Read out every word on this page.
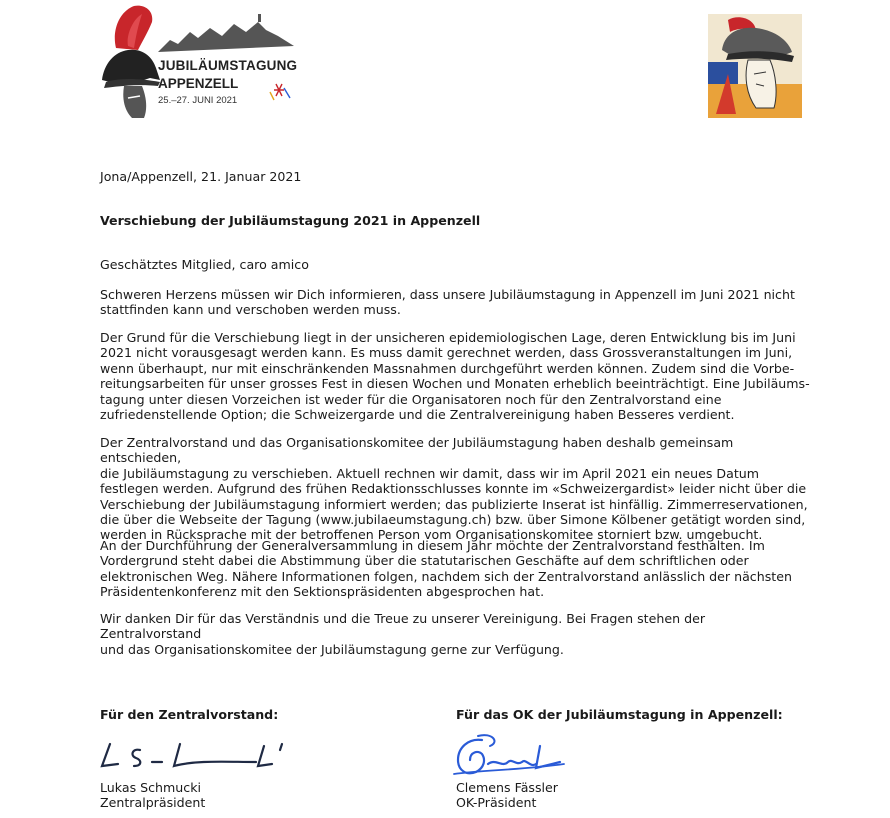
JUBILÄUMSTAGUNG
APPENZELL
25.–27. JUNI 2021
Jona/Appenzell, 21. Januar 2021
Verschiebung der Jubiläumstagung 2021 in Appenzell
Geschätztes Mitglied, caro amico
Schweren Herzens müssen wir Dich informieren, dass unsere Jubiläumstagung in Appenzell im Juni 2021 nicht
stattfinden kann und verschoben werden muss.
Der Grund für die Verschiebung liegt in der unsicheren epidemiologischen Lage, deren Entwicklung bis im Juni
2021 nicht vorausgesagt werden kann. Es muss damit gerechnet werden, dass Grossveranstaltungen im Juni,
wenn überhaupt, nur mit einschränkenden Massnahmen durchgeführt werden können. Zudem sind die Vorbe-
reitungsarbeiten für unser grosses Fest in diesen Wochen und Monaten erheblich beeinträchtigt. Eine Jubiläums-
tagung unter diesen Vorzeichen ist weder für die Organisatoren noch für den Zentralvorstand eine
zufriedenstellende Option; die Schweizergarde und die Zentralvereinigung haben Besseres verdient.
Der Zentralvorstand und das Organisationskomitee der Jubiläumstagung haben deshalb gemeinsam entschieden,
die Jubiläumstagung zu verschieben. Aktuell rechnen wir damit, dass wir im April 2021 ein neues Datum
festlegen werden. Aufgrund des frühen Redaktionsschlusses konnte im «Schweizergardist» leider nicht über die
Verschiebung der Jubiläumstagung informiert werden; das publizierte Inserat ist hinfällig. Zimmerreservationen,
die über die Webseite der Tagung (www.jubilaeumstagung.ch) bzw. über Simone Kölbener getätigt worden sind,
werden in Rücksprache mit der betroffenen Person vom Organisationskomitee storniert bzw. umgebucht.
An der Durchführung der Generalversammlung in diesem Jahr möchte der Zentralvorstand festhalten. Im
Vordergrund steht dabei die Abstimmung über die statutarischen Geschäfte auf dem schriftlichen oder
elektronischen Weg. Nähere Informationen folgen, nachdem sich der Zentralvorstand anlässlich der nächsten
Präsidentenkonferenz mit den Sektionspräsidenten abgesprochen hat.
Wir danken Dir für das Verständnis und die Treue zu unserer Vereinigung. Bei Fragen stehen der Zentralvorstand
und das Organisationskomitee der Jubiläumstagung gerne zur Verfügung.
Für den Zentralvorstand:	Für das OK der Jubiläumstagung in Appenzell:
Lukas Schmucki
Zentralpräsident
Clemens Fässler
OK-Präsident
